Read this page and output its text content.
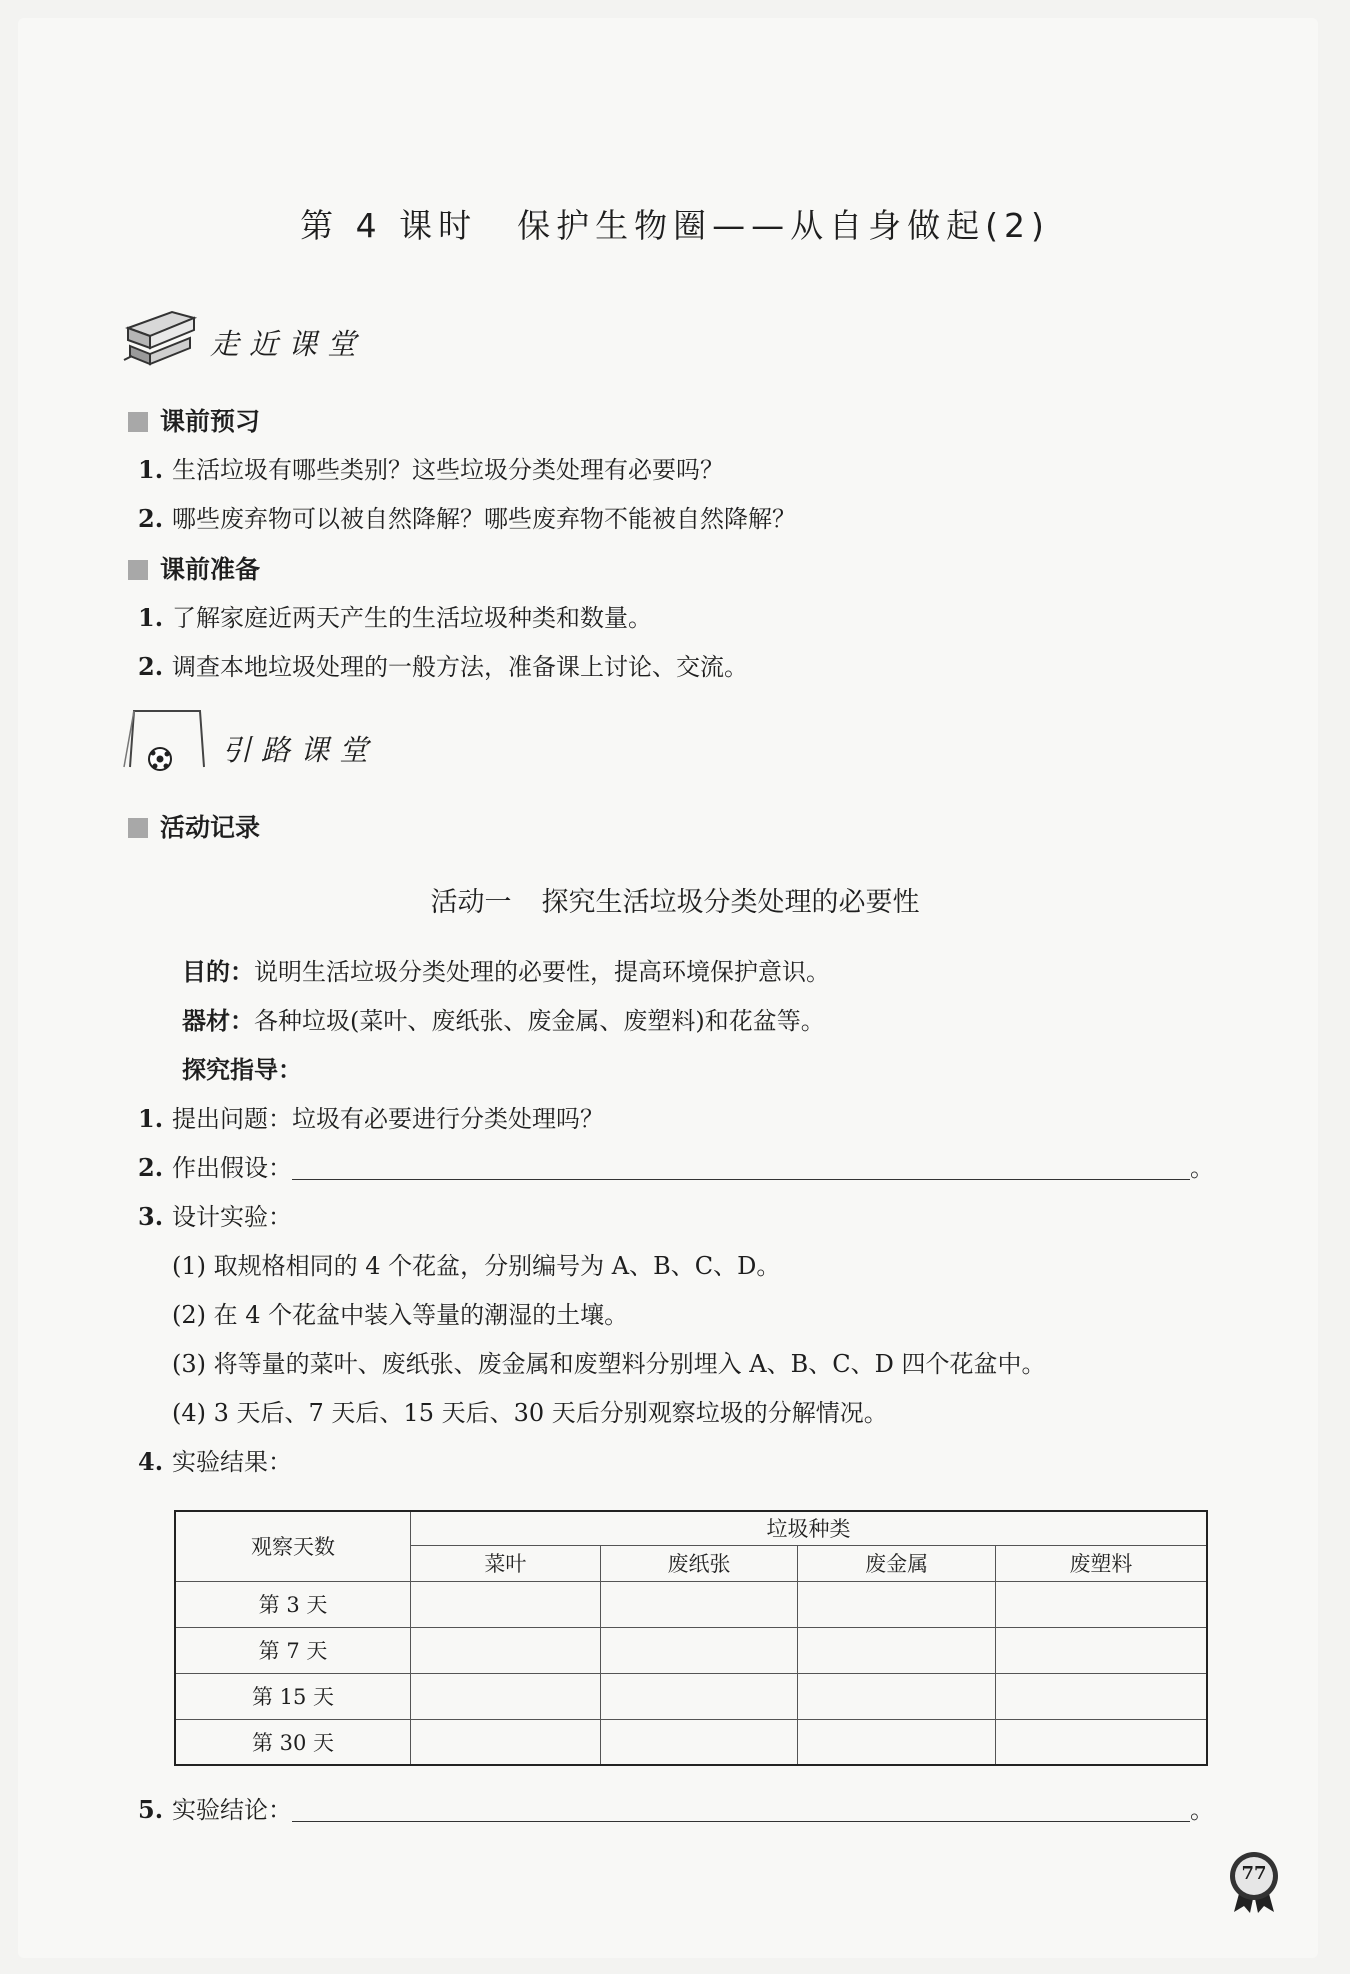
第 4 课时 保护生物圈——从自身做起(2)
走近课堂
课前预习
1. 生活垃圾有哪些类别？这些垃圾分类处理有必要吗？
2. 哪些废弃物可以被自然降解？哪些废弃物不能被自然降解？
课前准备
1. 了解家庭近两天产生的生活垃圾种类和数量。
2. 调查本地垃圾处理的一般方法，准备课上讨论、交流。
引路课堂
活动记录
活动一 探究生活垃圾分类处理的必要性
目的：说明生活垃圾分类处理的必要性，提高环境保护意识。
器材：各种垃圾(菜叶、废纸张、废金属、废塑料)和花盆等。
探究指导：
1. 提出问题：垃圾有必要进行分类处理吗？
2. 作出假设：	。
3. 设计实验：
(1) 取规格相同的 4 个花盆，分别编号为 A、B、C、D。
(2) 在 4 个花盆中装入等量的潮湿的土壤。
(3) 将等量的菜叶、废纸张、废金属和废塑料分别埋入 A、B、C、D 四个花盆中。
(4) 3 天后、7 天后、15 天后、30 天后分别观察垃圾的分解情况。
4. 实验结果：
观察天数	垃圾种类			
	菜叶	废纸张	废金属	废塑料
第 3 天				
第 7 天				
第 15 天				
第 30 天				
5. 实验结论：	。
77
